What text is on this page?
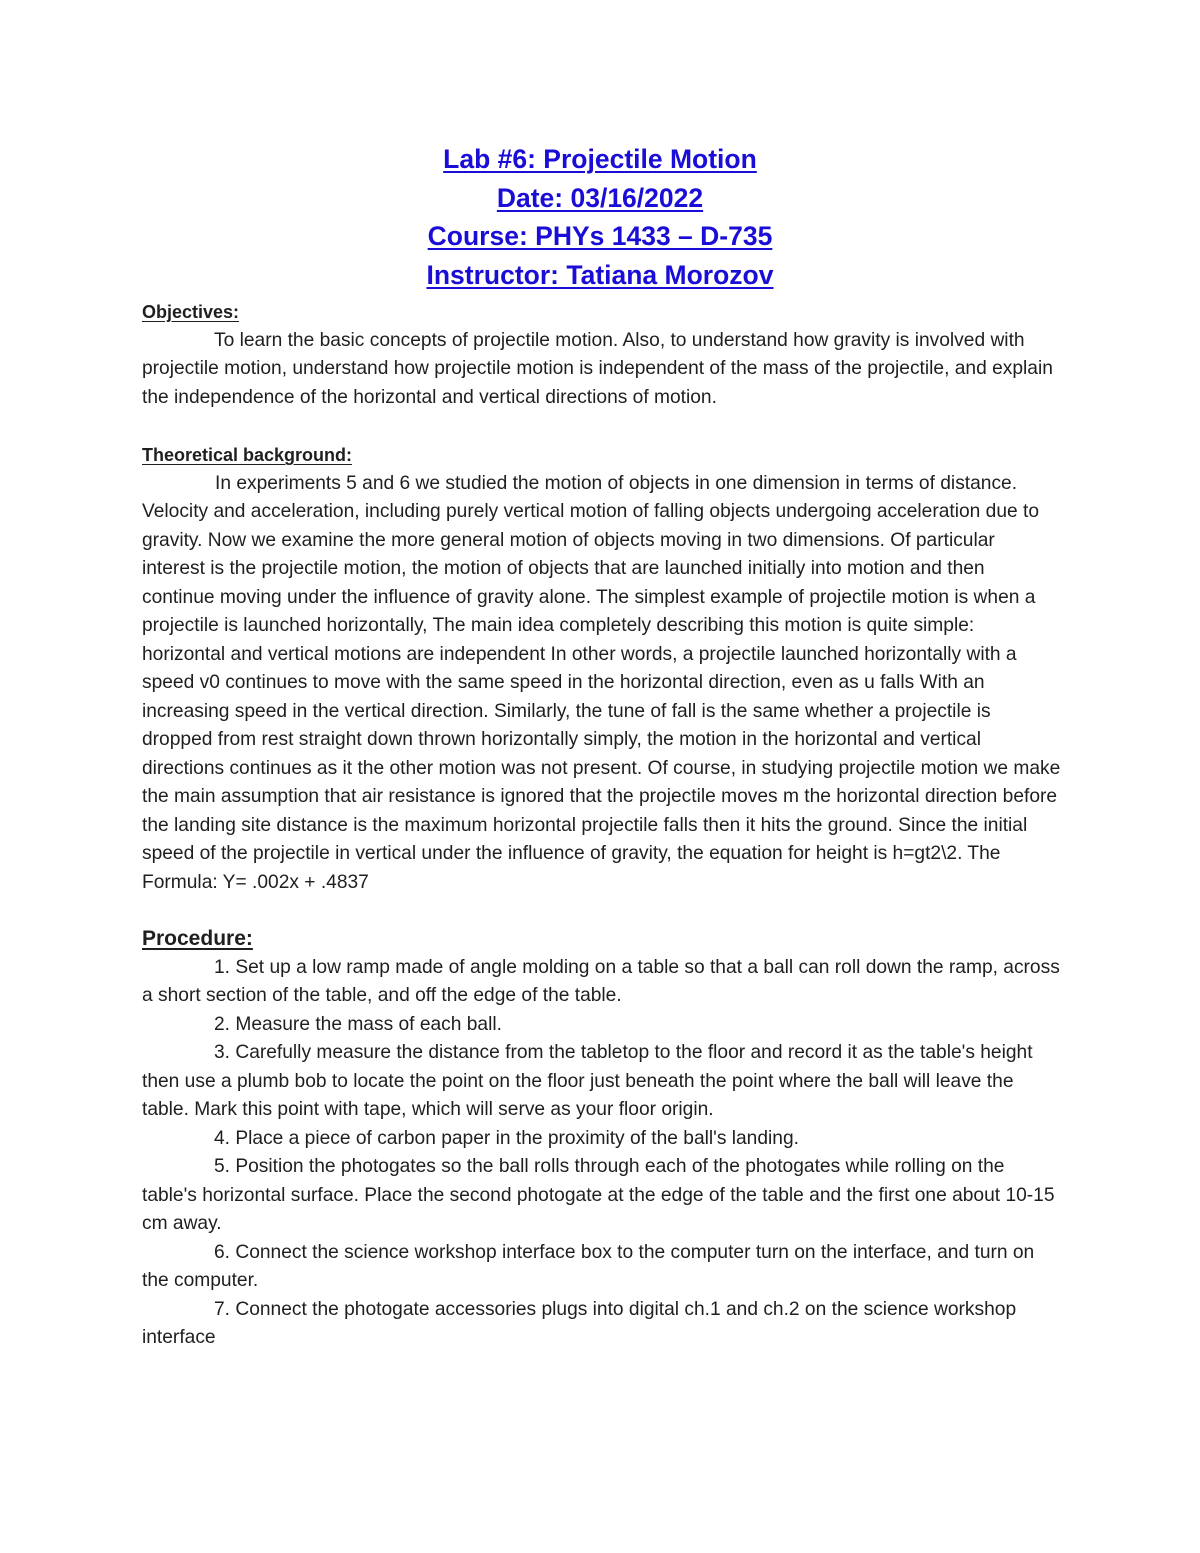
Lab #6: Projectile Motion
Date: 03/16/2022
Course: PHYs 1433 – D-735
Instructor: Tatiana Morozov
Objectives:

To learn the basic concepts of projectile motion. Also, to understand how gravity is involved with projectile motion, understand how projectile motion is independent of the mass of the projectile, and explain the independence of the horizontal and vertical directions of motion.

Theoretical background:

In experiments 5 and 6 we studied the motion of objects in one dimension in terms of distance. Velocity and acceleration, including purely vertical motion of falling objects undergoing acceleration due to gravity. Now we examine the more general motion of objects moving in two dimensions. Of particular interest is the projectile motion, the motion of objects that are launched initially into motion and then continue moving under the influence of gravity alone. The simplest example of projectile motion is when a projectile is launched horizontally, The main idea completely describing this motion is quite simple: horizontal and vertical motions are independent In other words, a projectile launched horizontally with a speed v0 continues to move with the same speed in the horizontal direction, even as u falls With an increasing speed in the vertical direction. Similarly, the tune of fall is the same whether a projectile is dropped from rest straight down thrown horizontally simply, the motion in the horizontal and vertical directions continues as it the other motion was not present. Of course, in studying projectile motion we make the main assumption that air resistance is ignored that the projectile moves m the horizontal direction before the landing site distance is the maximum horizontal projectile falls then it hits the ground. Since the initial speed of the projectile in vertical under the influence of gravity, the equation for height is h=gt2\2. The Formula: Y= .002x + .4837

Procedure:

1. Set up a low ramp made of angle molding on a table so that a ball can roll down the ramp, across a short section of the table, and off the edge of the table.

2. Measure the mass of each ball.

3. Carefully measure the distance from the tabletop to the floor and record it as the table's height then use a plumb bob to locate the point on the floor just beneath the point where the ball will leave the table. Mark this point with tape, which will serve as your floor origin.

4. Place a piece of carbon paper in the proximity of the ball's landing.

5. Position the photogates so the ball rolls through each of the photogates while rolling on the table's horizontal surface. Place the second photogate at the edge of the table and the first one about 10-15 cm away.

6. Connect the science workshop interface box to the computer turn on the interface, and turn on the computer.

7. Connect the photogate accessories plugs into digital ch.1 and ch.2 on the science workshop interface
